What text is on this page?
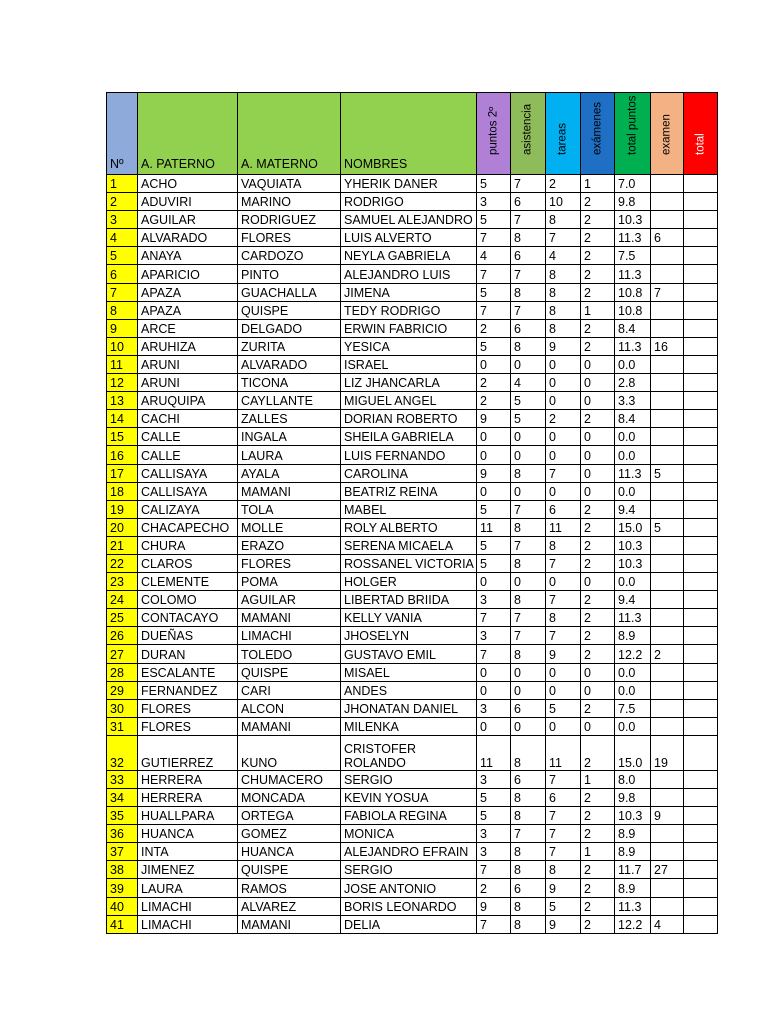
Nº	A. PATERNO	A. MATERNO	NOMBRES	puntos 2º	asistencia	tareas	exámenes	total puntos	examen	total

1	ACHO	VAQUIATA	YHERIK DANER	5	7	2	1	7.0		
2	ADUVIRI	MARINO	RODRIGO	3	6	10	2	9.8		
3	AGUILAR	RODRIGUEZ	SAMUEL ALEJANDRO	5	7	8	2	10.3		
4	ALVARADO	FLORES	LUIS ALVERTO	7	8	7	2	11.3	6	
5	ANAYA	CARDOZO	NEYLA GABRIELA	4	6	4	2	7.5		
6	APARICIO	PINTO	ALEJANDRO LUIS	7	7	8	2	11.3		
7	APAZA	GUACHALLA	JIMENA	5	8	8	2	10.8	7	
8	APAZA	QUISPE	TEDY RODRIGO	7	7	8	1	10.8		
9	ARCE	DELGADO	ERWIN FABRICIO	2	6	8	2	8.4		
10	ARUHIZA	ZURITA	YESICA	5	8	9	2	11.3	16	
11	ARUNI	ALVARADO	ISRAEL	0	0	0	0	0.0		
12	ARUNI	TICONA	LIZ JHANCARLA	2	4	0	0	2.8		
13	ARUQUIPA	CAYLLANTE	MIGUEL ANGEL	2	5	0	0	3.3		
14	CACHI	ZALLES	DORIAN ROBERTO	9	5	2	2	8.4		
15	CALLE	INGALA	SHEILA GABRIELA	0	0	0	0	0.0		
16	CALLE	LAURA	LUIS FERNANDO	0	0	0	0	0.0		
17	CALLISAYA	AYALA	CAROLINA	9	8	7	0	11.3	5	
18	CALLISAYA	MAMANI	BEATRIZ REINA	0	0	0	0	0.0		
19	CALIZAYA	TOLA	MABEL	5	7	6	2	9.4		
20	CHACAPECHO	MOLLE	ROLY ALBERTO	11	8	11	2	15.0	5	
21	CHURA	ERAZO	SERENA MICAELA	5	7	8	2	10.3		
22	CLAROS	FLORES	ROSSANEL VICTORIA	5	8	7	2	10.3		
23	CLEMENTE	POMA	HOLGER	0	0	0	0	0.0		
24	COLOMO	AGUILAR	LIBERTAD BRIIDA	3	8	7	2	9.4		
25	CONTACAYO	MAMANI	KELLY VANIA	7	7	8	2	11.3		
26	DUEÑAS	LIMACHI	JHOSELYN	3	7	7	2	8.9		
27	DURAN	TOLEDO	GUSTAVO EMIL	7	8	9	2	12.2	2	
28	ESCALANTE	QUISPE	MISAEL	0	0	0	0	0.0		
29	FERNANDEZ	CARI	ANDES	0	0	0	0	0.0		
30	FLORES	ALCON	JHONATAN DANIEL	3	6	5	2	7.5		
31	FLORES	MAMANI	MILENKA	0	0	0	0	0.0		
32	GUTIERREZ	KUNO	CRISTOFER ROLANDO	11	8	11	2	15.0	19	
33	HERRERA	CHUMACERO	SERGIO	3	6	7	1	8.0		
34	HERRERA	MONCADA	KEVIN YOSUA	5	8	6	2	9.8		
35	HUALLPARA	ORTEGA	FABIOLA REGINA	5	8	7	2	10.3	9	
36	HUANCA	GOMEZ	MONICA	3	7	7	2	8.9		
37	INTA	HUANCA	ALEJANDRO EFRAIN	3	8	7	1	8.9		
38	JIMENEZ	QUISPE	SERGIO	7	8	8	2	11.7	27	
39	LAURA	RAMOS	JOSE ANTONIO	2	6	9	2	8.9		
40	LIMACHI	ALVAREZ	BORIS LEONARDO	9	8	5	2	11.3		
41	LIMACHI	MAMANI	DELIA	7	8	9	2	12.2	4	
